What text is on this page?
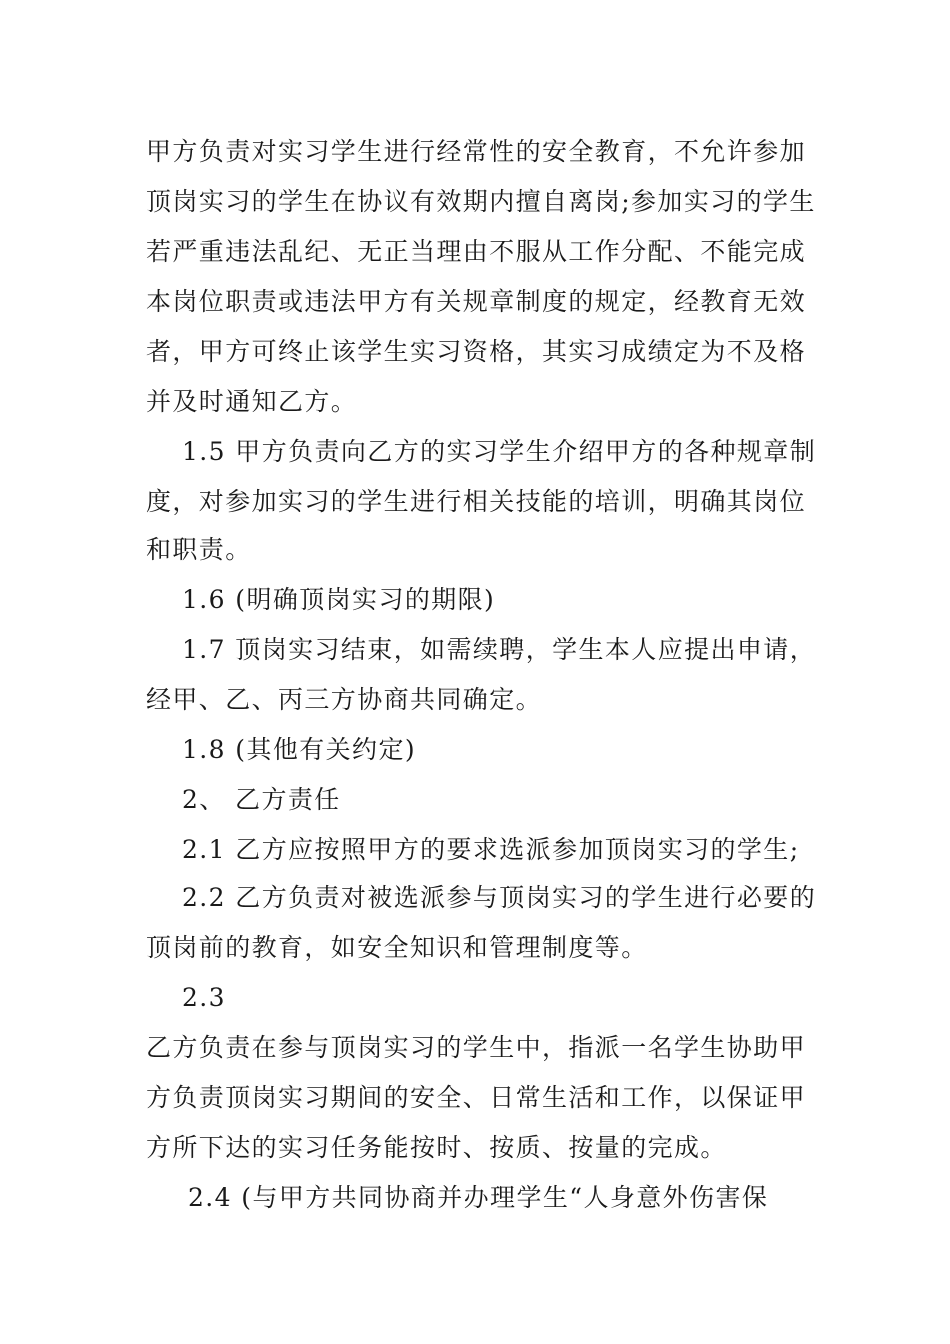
甲方负责对实习学生进行经常性的安全教育，不允许参加
顶岗实习的学生在协议有效期内擅自离岗;参加实习的学生
若严重违法乱纪、无正当理由不服从工作分配、不能完成
本岗位职责或违法甲方有关规章制度的规定，经教育无效
者，甲方可终止该学生实习资格，其实习成绩定为不及格
并及时通知乙方。
1.5 甲方负责向乙方的实习学生介绍甲方的各种规章制
度，对参加实习的学生进行相关技能的培训，明确其岗位
和职责。
1.6 (明确顶岗实习的期限)
1.7 顶岗实习结束，如需续聘，学生本人应提出申请，
经甲、乙、丙三方协商共同确定。
1.8 (其他有关约定)
2、 乙方责任
2.1 乙方应按照甲方的要求选派参加顶岗实习的学生;
2.2 乙方负责对被选派参与顶岗实习的学生进行必要的
顶岗前的教育，如安全知识和管理制度等。
2.3
乙方负责在参与顶岗实习的学生中，指派一名学生协助甲
方负责顶岗实习期间的安全、日常生活和工作，以保证甲
方所下达的实习任务能按时、按质、按量的完成。
2.4 (与甲方共同协商并办理学生“人身意外伤害保
